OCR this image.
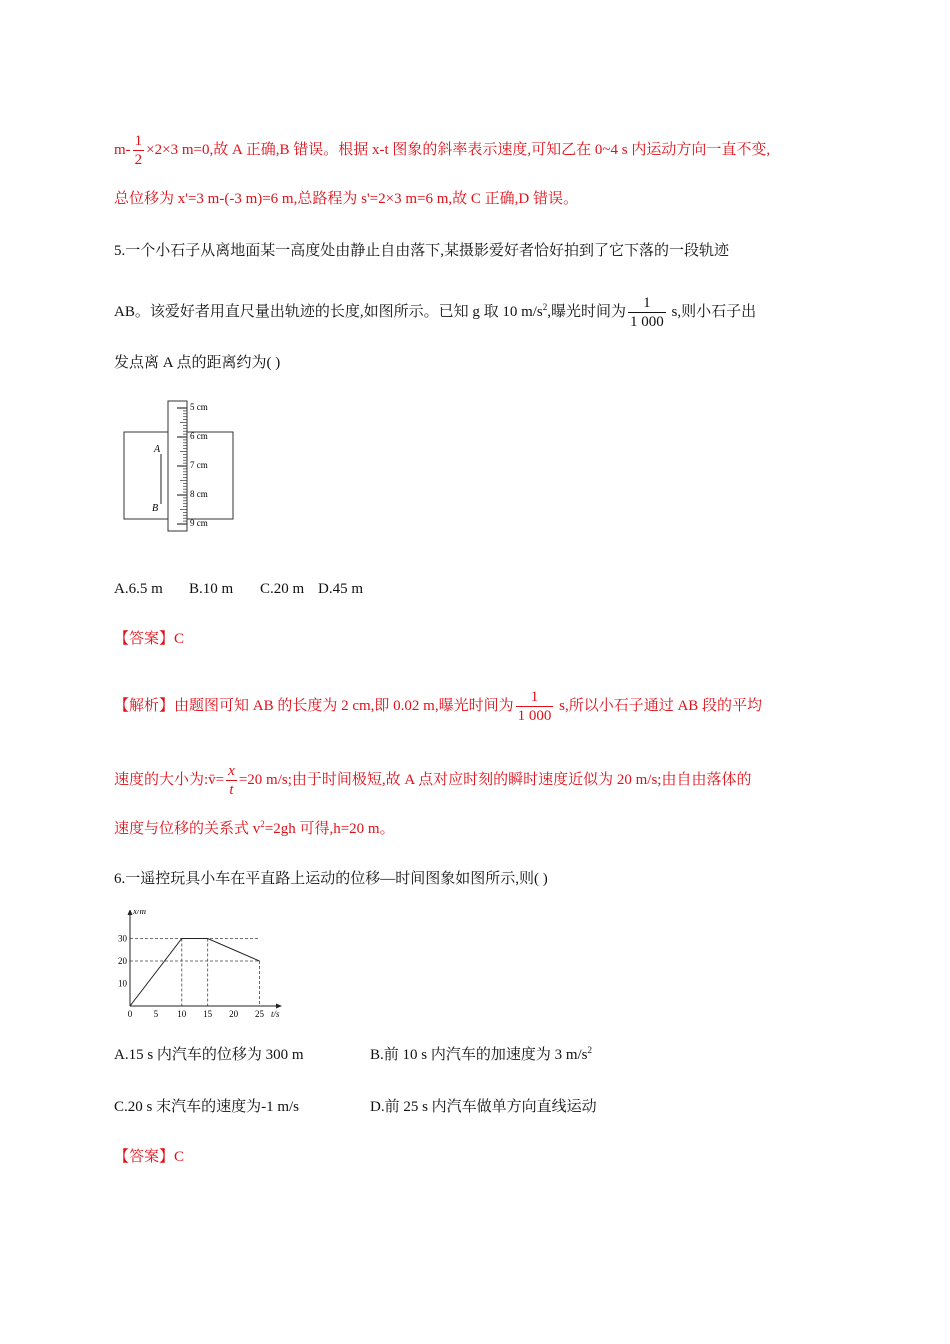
$m- \frac{1}{2} \times 2\times 3$ m=0,故 A 正确,B 错误。根据 x-t 图象的斜率表示速度,可知乙在 0~4 s 内运动方向一直不变,
总位移为 x'=3 m-(-3 m)=6 m,总路程为 s'=2×3 m=6 m,故 C 正确,D 错误。
5.一个小石子从离地面某一高度处由静止自由落下,某摄影爱好者恰好拍到了它下落的一段轨迹
AB。该爱好者用直尺量出轨迹的长度,如图所示。已知 g 取 10 $m/s^2$,曝光时间为 $\frac{1}{1 000} s$,则小石子出
发点离 A 点的距离约为( )
A
B
5 cm
6 cm
7 cm
8 cm
9 cm
A.6.5 m B.10 m C.20 m D.45 m
【答案】C
【解析】由题图可知 AB 的长度为 2 cm,即 0.02 m,曝光时间为 $\frac{1}{1 000} s$,所以小石子通过 AB 段的平均
速度的大小为:v̄= $\frac{x}{t} =20$ m/s;由于时间极短,故 A 点对应时刻的瞬时速度近似为 20 m/s;由自由落体的
速度与位移的关系式 $v^2=2gh$ 可得,h=20 m。
6.一遥控玩具小车在平直路上运动的位移—时间图象如图所示,则( )
0 5 10 15 20 25
10
20
30
x/m
t/s
A.15 s 内汽车的位移为 300 m	B.前 10 s 内汽车的加速度为 3 $m/s^2$
C.20 s 末汽车的速度为-1 m/s	D.前 25 s 内汽车做单方向直线运动
【答案】C
